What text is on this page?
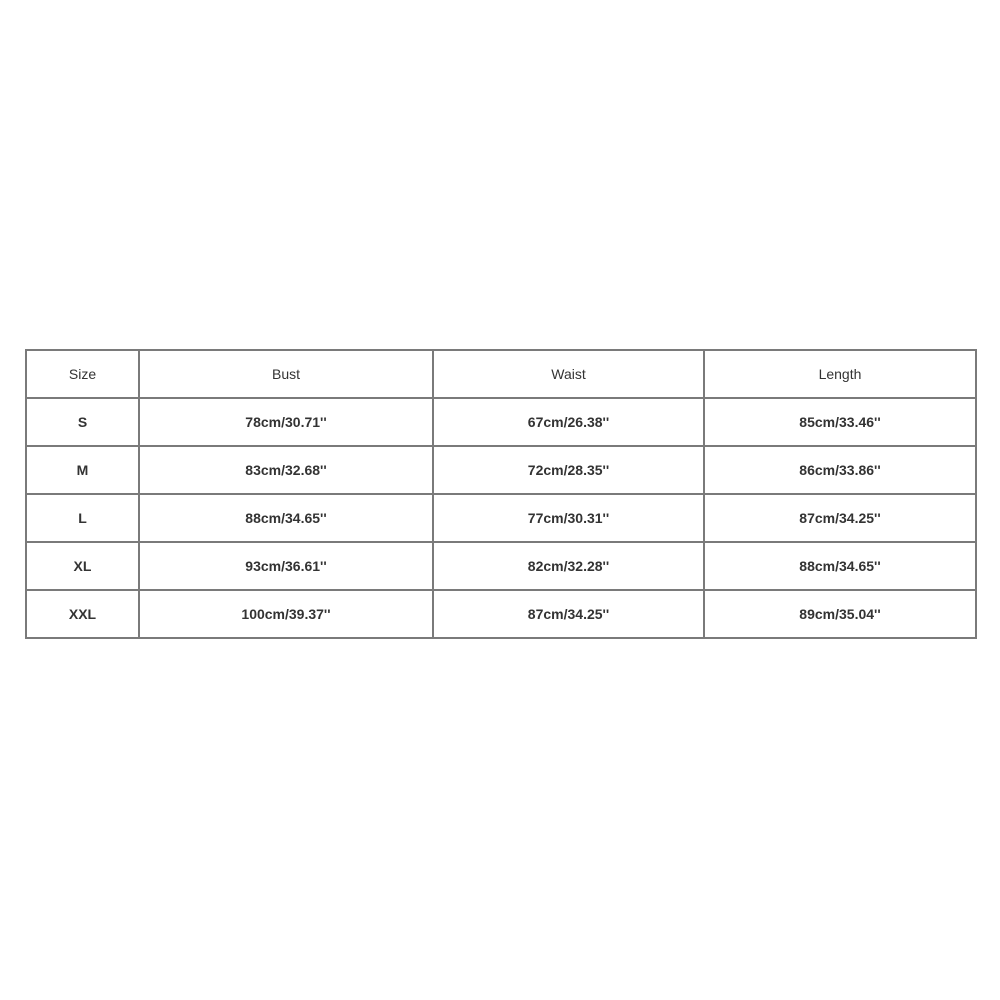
Size	Bust	Waist	Length
S	78cm/30.71''	67cm/26.38''	85cm/33.46''
M	83cm/32.68''	72cm/28.35''	86cm/33.86''
L	88cm/34.65''	77cm/30.31''	87cm/34.25''
XL	93cm/36.61''	82cm/32.28''	88cm/34.65''
XXL	100cm/39.37''	87cm/34.25''	89cm/35.04''
